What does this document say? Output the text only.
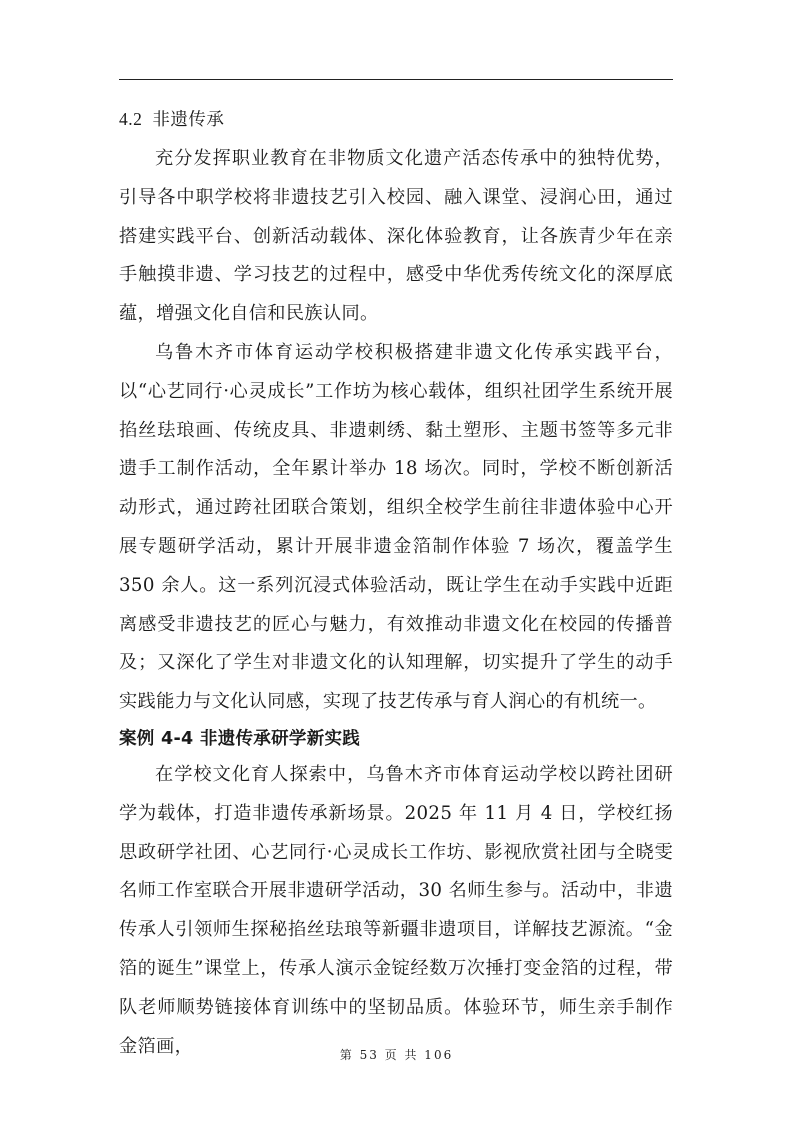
4.2 非遗传承

充分发挥职业教育在非物质文化遗产活态传承中的独特优势，引导各中职学校将非遗技艺引入校园、融入课堂、浸润心田，通过搭建实践平台、创新活动载体、深化体验教育，让各族青少年在亲手触摸非遗、学习技艺的过程中，感受中华优秀传统文化的深厚底蕴，增强文化自信和民族认同。

乌鲁木齐市体育运动学校积极搭建非遗文化传承实践平台，以“心艺同行·心灵成长”工作坊为核心载体，组织社团学生系统开展掐丝珐琅画、传统皮具、非遗刺绣、黏土塑形、主题书签等多元非遗手工制作活动，全年累计举办 18 场次。同时，学校不断创新活动形式，通过跨社团联合策划，组织全校学生前往非遗体验中心开展专题研学活动，累计开展非遗金箔制作体验 7 场次，覆盖学生 350 余人。这一系列沉浸式体验活动，既让学生在动手实践中近距离感受非遗技艺的匠心与魅力，有效推动非遗文化在校园的传播普及；又深化了学生对非遗文化的认知理解，切实提升了学生的动手实践能力与文化认同感，实现了技艺传承与育人润心的有机统一。

案例 4-4 非遗传承研学新实践

在学校文化育人探索中，乌鲁木齐市体育运动学校以跨社团研学为载体，打造非遗传承新场景。2025 年 11 月 4 日，学校红扬思政研学社团、心艺同行·心灵成长工作坊、影视欣赏社团与全晓雯名师工作室联合开展非遗研学活动，30 名师生参与。活动中，非遗传承人引领师生探秘掐丝珐琅等新疆非遗项目，详解技艺源流。“金箔的诞生”课堂上，传承人演示金锭经数万次捶打变金箔的过程，带队老师顺势链接体育训练中的坚韧品质。体验环节，师生亲手制作金箔画，	第 53 页 共 106
